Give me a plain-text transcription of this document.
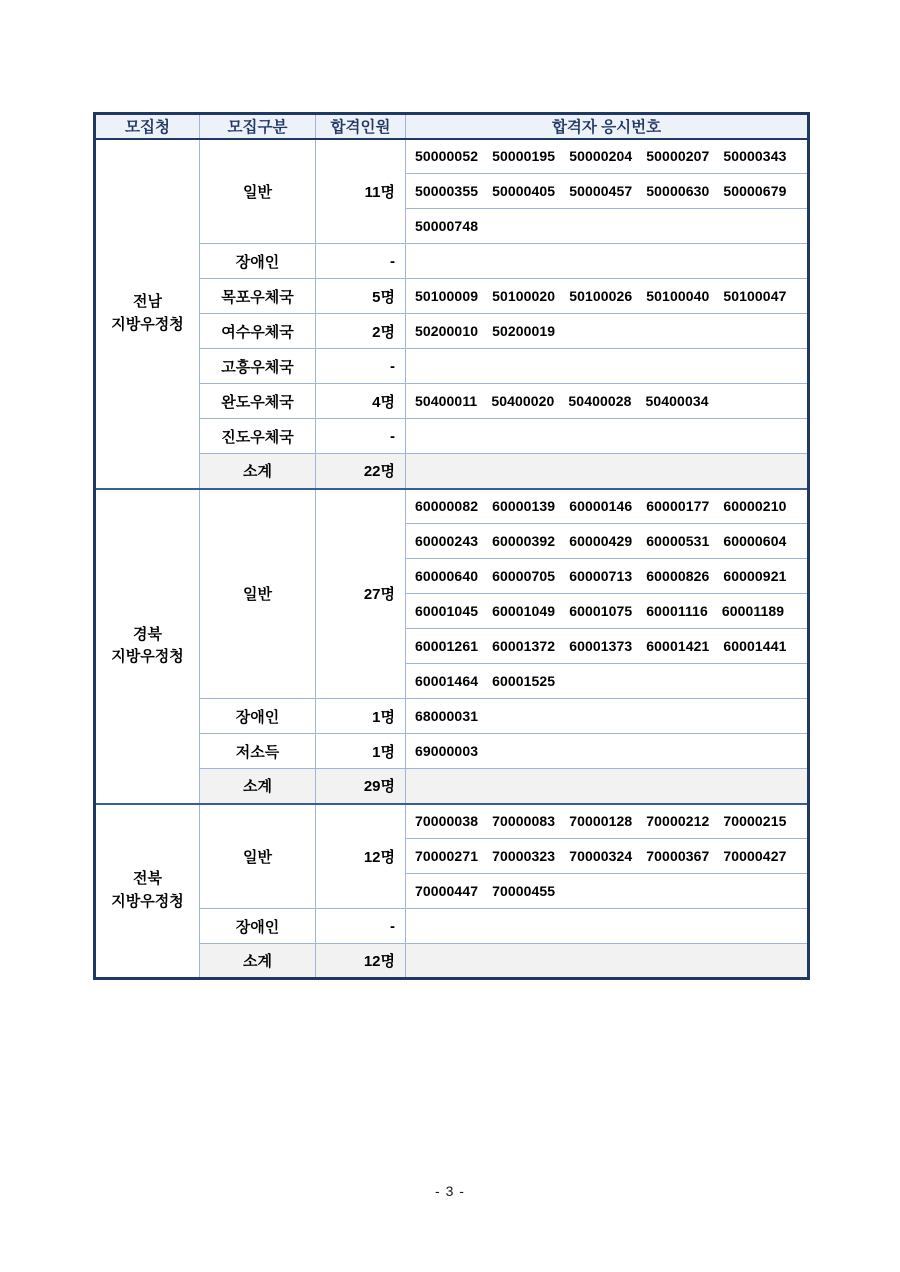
모집청	모집구분	합격인원	합격자 응시번호

전남
지방우정청	일반	11명	50000052 50000195 50000204 50000207 50000343
			50000355 50000405 50000457 50000630 50000679
			50000748
	장애인	-	
	목포우체국	5명	50100009 50100020 50100026 50100040 50100047
	여수우체국	2명	50200010 50200019
	고흥우체국	-	
	완도우체국	4명	50400011 50400020 50400028 50400034
	진도우체국	-	
	소계	22명	

경북
지방우정청	일반	27명	60000082 60000139 60000146 60000177 60000210
			60000243 60000392 60000429 60000531 60000604
			60000640 60000705 60000713 60000826 60000921
			60001045 60001049 60001075 60001116 60001189
			60001261 60001372 60001373 60001421 60001441
			60001464 60001525
	장애인	1명	68000031
	저소득	1명	69000003
	소계	29명	

전북
지방우정청	일반	12명	70000038 70000083 70000128 70000212 70000215
			70000271 70000323 70000324 70000367 70000427
			70000447 70000455
	장애인	-	
	소계	12명	
- 3 -
